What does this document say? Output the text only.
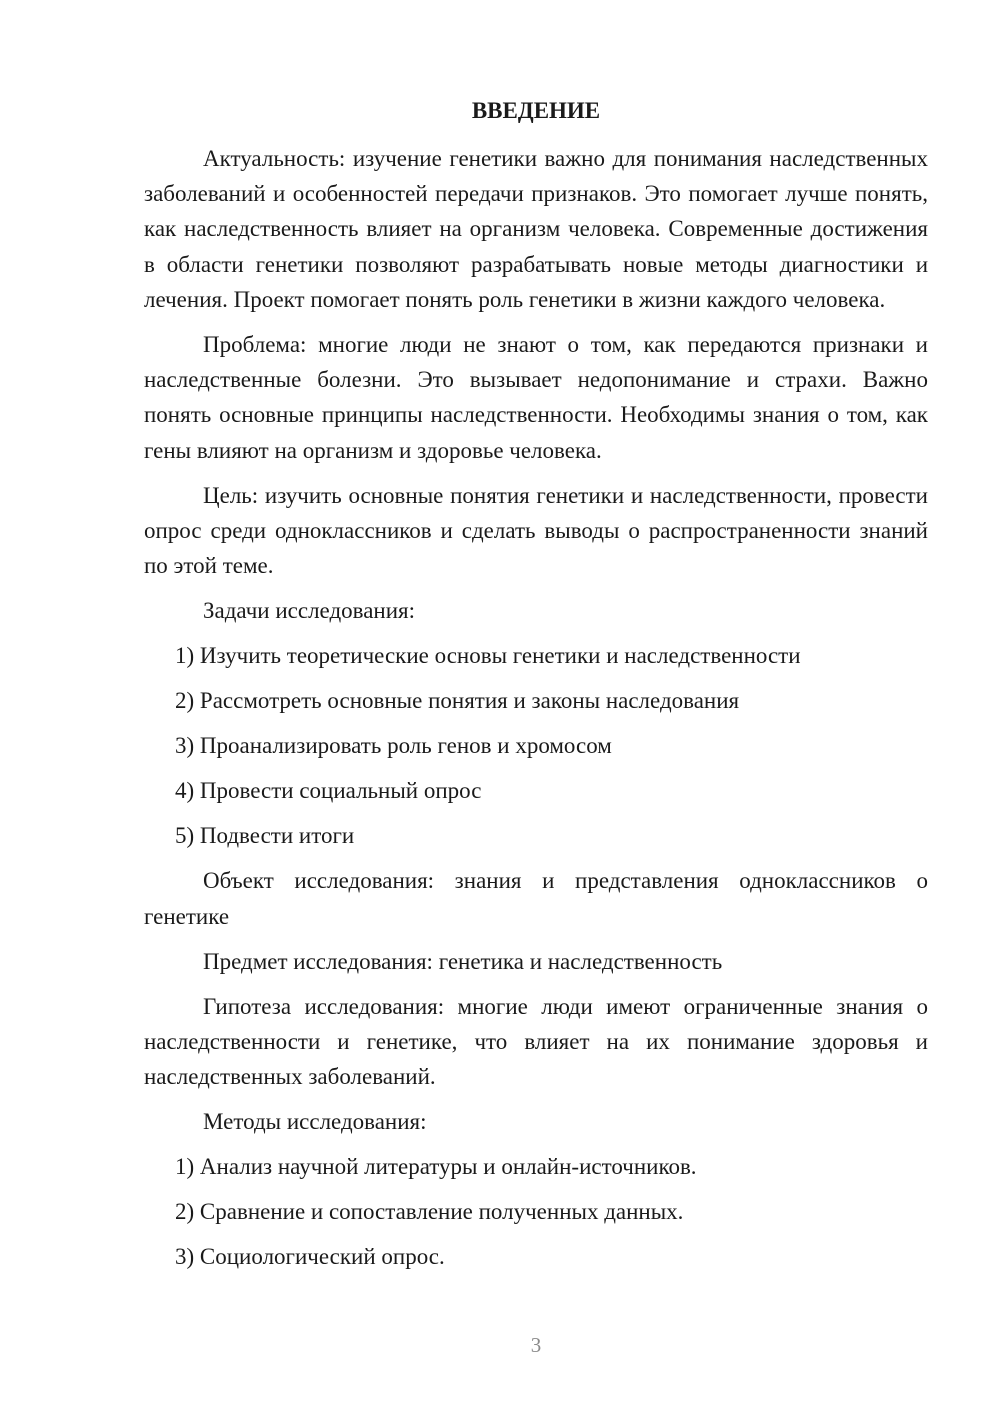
ВВЕДЕНИЕ

Актуальность: изучение генетики важно для понимания наследственных заболеваний и особенностей передачи признаков. Это помогает лучше понять, как наследственность влияет на организм человека. Современные достижения в области генетики позволяют разрабатывать новые методы диагностики и лечения. Проект помогает понять роль генетики в жизни каждого человека.

Проблема: многие люди не знают о том, как передаются признаки и наследственные болезни. Это вызывает недопонимание и страхи. Важно понять основные принципы наследственности. Необходимы знания о том, как гены влияют на организм и здоровье человека.

Цель: изучить основные понятия генетики и наследственности, провести опрос среди одноклассников и сделать выводы о распространенности знаний по этой теме.

Задачи исследования:

1) Изучить теоретические основы генетики и наследственности
2) Рассмотреть основные понятия и законы наследования
3) Проанализировать роль генов и хромосом
4) Провести социальный опрос
5) Подвести итоги

Объект исследования: знания и представления одноклассников о генетике

Предмет исследования: генетика и наследственность

Гипотеза исследования: многие люди имеют ограниченные знания о наследственности и генетике, что влияет на их понимание здоровья и наследственных заболеваний.

Методы исследования:

1) Анализ научной литературы и онлайн-источников.
2) Сравнение и сопоставление полученных данных.
3) Социологический опрос.
3
